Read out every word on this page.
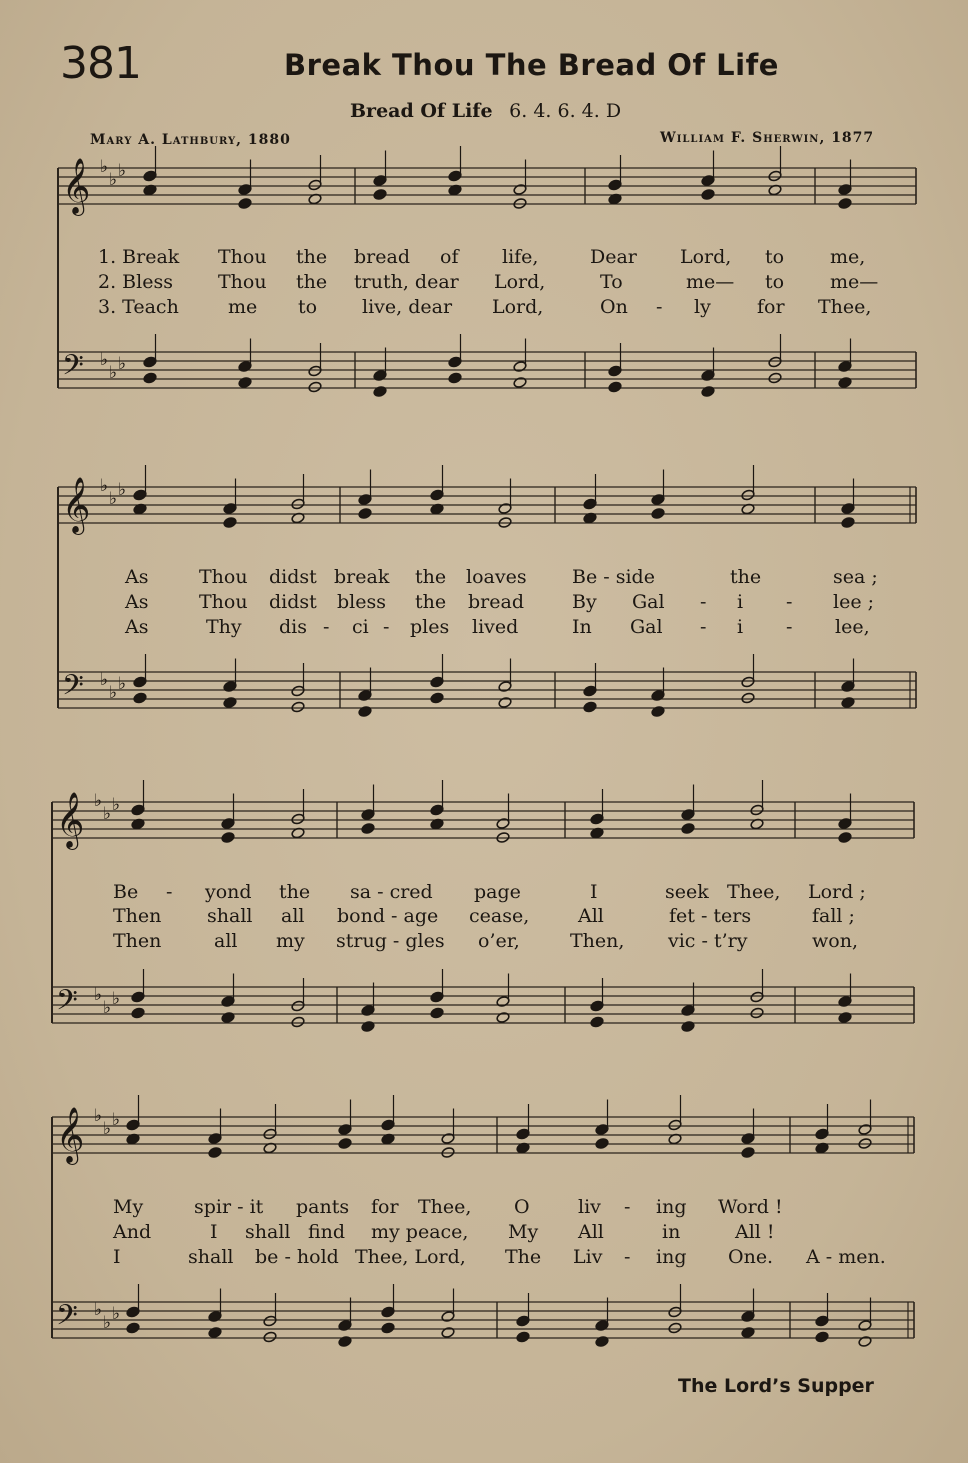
381	Break Thou The Bread Of Life
Bread Of Life 6. 4. 6. 4. D
Mary A. Lathbury, 1880	William F. Sherwin, 1877
𝄞 ♭
♭ ♭
𝄢 ♭
♭ ♭
𝄞 ♭
♭ ♭
𝄢 ♭
♭ ♭
𝄞 ♭
♭ ♭
𝄢 ♭
♭ ♭
𝄞 ♭
♭ ♭
𝄢 ♭
♭ ♭
1. Break Thou the bread of life,	Dear Lord, to me,
2. Bless Thou the truth, dear Lord,	To	me— to me—
3. Teach	me to live, dear Lord,	On - ly for Thee,
As	Thou didst break the loaves Be - side	the	sea ;
As	Thou didst bless the bread	By Gal - i - lee ;
As	Thy dis - ci - ples lived	In Gal - i - lee,
Be - yond the sa - cred page	I	seek Thee, Lord ;
Then shall all bond - age cease,	All	fet - ters	fall ;
Then	all my strug - gles o’er,	Then, vic - t’ry	won,
My	spir - it pants for Thee, O	liv - ing Word !
And	I shall find my peace, My All	in	All !
I	shall be - hold Thee, Lord, The Liv - ing One. A - men.
The Lord’s Supper
